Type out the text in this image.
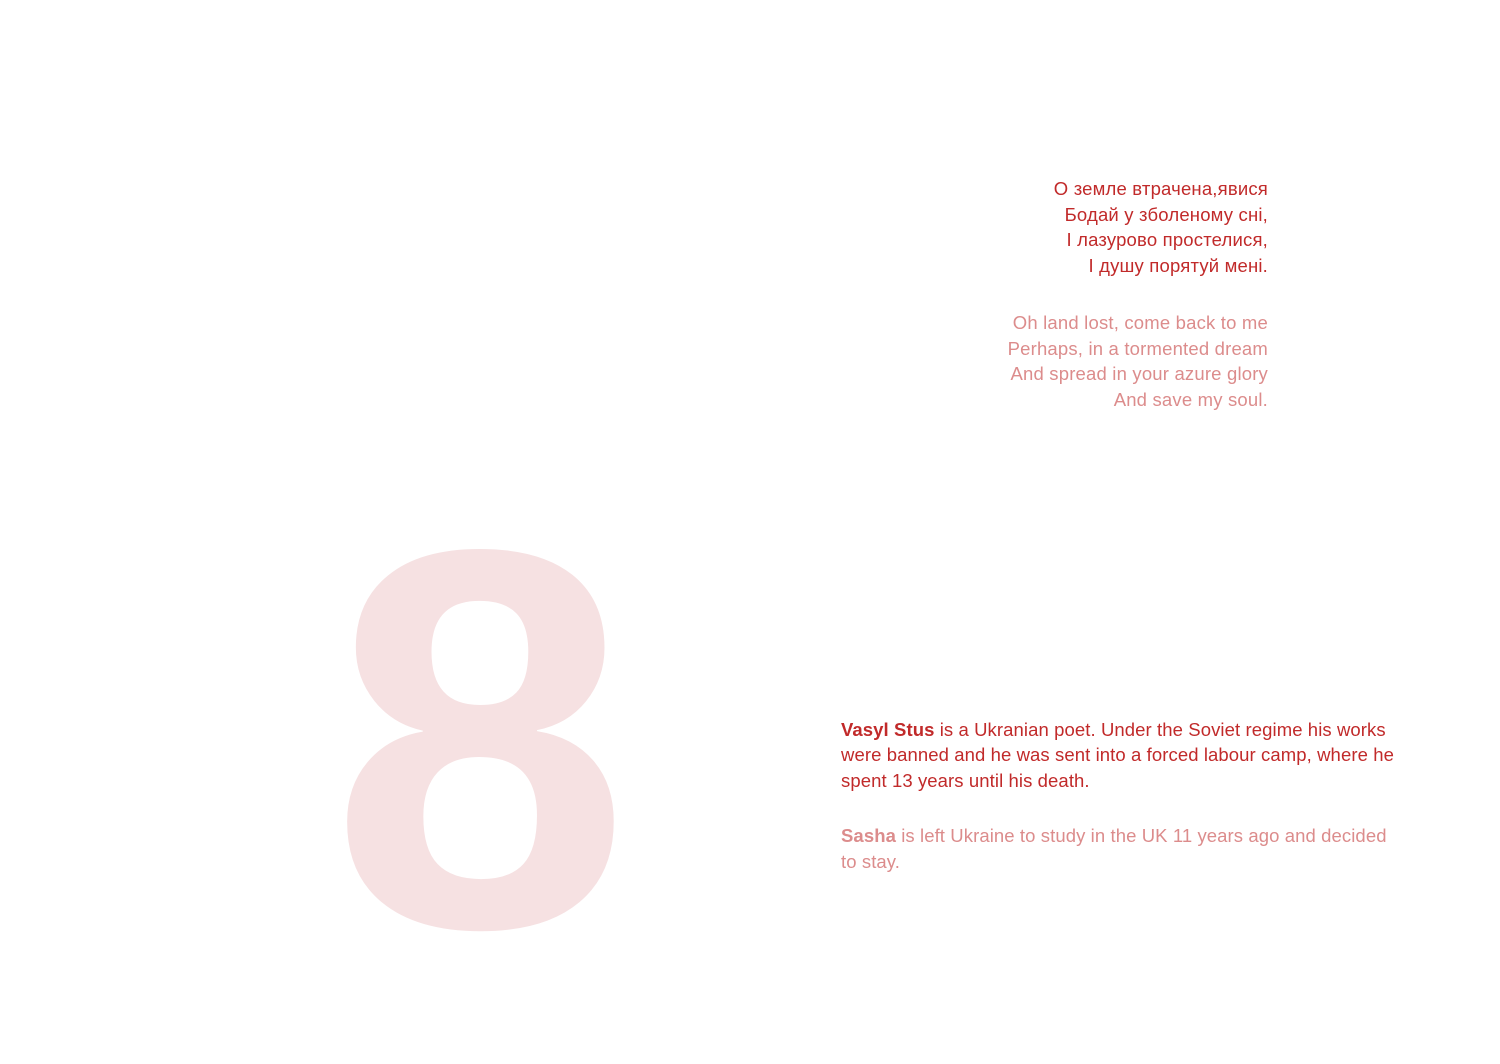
8
О земле втрачена,явися
Бодай у зболеному сні,
І лазурово простелися,
І душу порятуй мені.
Oh land lost, come back to me
Perhaps, in a tormented dream
And spread in your azure glory
And save my soul.

Vasyl Stus is a Ukranian poet. Under the Soviet regime his works were banned and he was sent into a forced labour camp, where he spent 13 years until his death.

Sasha is left Ukraine to study in the UK 11 years ago and decided to stay.
